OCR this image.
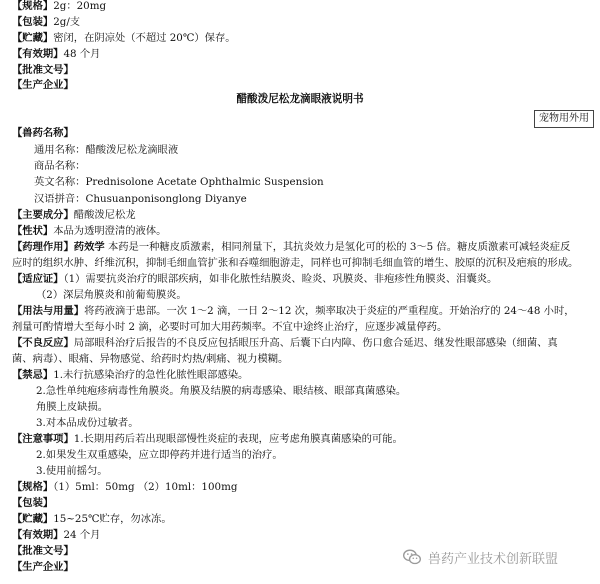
【规格】2g：20mg
【包装】2g/支
【贮藏】密闭，在阴凉处（不超过 20℃）保存。
【有效期】48 个月
【批准文号】
【生产企业】
醋酸泼尼松龙滴眼液说明书
宠物用外用
【兽药名称】
通用名称：醋酸泼尼松龙滴眼液
商品名称：
英文名称：Prednisolone Acetate Ophthalmic Suspension
汉语拼音：Chusuanponisonglong Diyanye
【主要成分】醋酸泼尼松龙
【性状】本品为透明澄清的液体。
【药理作用】药效学 本药是一种糖皮质激素，相同剂量下，其抗炎效力是氢化可的松的 3～5 倍。糖皮质激素可减轻炎症反
应时的组织水肿、纤维沉积，抑制毛细血管扩张和吞噬细胞游走，同样也可抑制毛细血管的增生、胶原的沉积及疤痕的形成。
【适应证】（1）需要抗炎治疗的眼部疾病，如非化脓性结膜炎、睑炎、巩膜炎、非疱疹性角膜炎、泪囊炎。
（2）深层角膜炎和前葡萄膜炎。
【用法与用量】将药液滴于患部。一次 1～2 滴，一日 2～12 次，频率取决于炎症的严重程度。开始治疗的 24～48 小时，
剂量可酌情增大至每小时 2 滴，必要时可加大用药频率。不宜中途终止治疗，应逐步减量停药。
【不良反应】局部眼科治疗后报告的不良反应包括眼压升高、后囊下白内障、伤口愈合延迟、继发性眼部感染（细菌、真
菌、病毒）、眼痛、异物感觉、给药时灼热/刺痛、视力模糊。
【禁忌】1.未行抗感染治疗的急性化脓性眼部感染。
2.急性单纯疱疹病毒性角膜炎。角膜及结膜的病毒感染、眼结核、眼部真菌感染。
角膜上皮缺损。
3.对本品成份过敏者。
【注意事项】1.长期用药后若出现眼部慢性炎症的表现，应考虑角膜真菌感染的可能。
2.如果发生双重感染，应立即停药并进行适当的治疗。
3.使用前摇匀。
【规格】（1）5ml：50mg （2）10ml：100mg
【包装】
【贮藏】15~25℃贮存，勿冰冻。
【有效期】24 个月
【批准文号】
【生产企业】
兽药产业技术创新联盟
